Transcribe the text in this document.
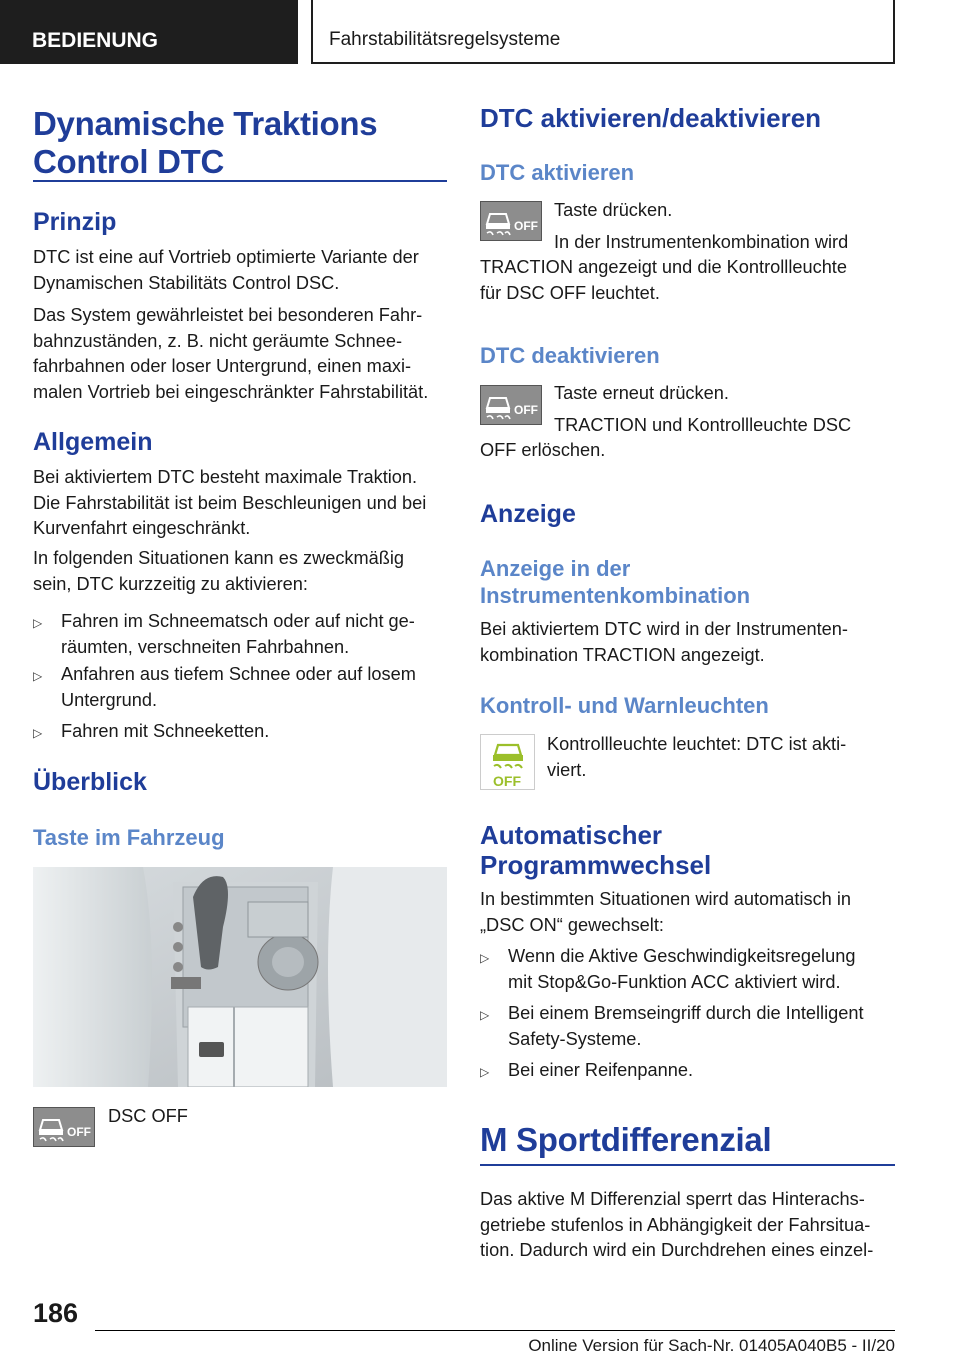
BEDIENUNG	Fahrstabilitätsregelsysteme
Dynamische Traktions
Control DTC
Prinzip
DTC ist eine auf Vortrieb optimierte Variante der
Dynamischen Stabilitäts Control DSC.
Das System gewährleistet bei besonderen Fahr-
bahnzuständen, z. B. nicht geräumte Schnee-
fahrbahnen oder loser Untergrund, einen maxi-
malen Vortrieb bei eingeschränkter Fahrstabilität.
Allgemein
Bei aktiviertem DTC besteht maximale Traktion.
Die Fahrstabilität ist beim Beschleunigen und bei
Kurvenfahrt eingeschränkt.
In folgenden Situationen kann es zweckmäßig
sein, DTC kurzzeitig zu aktivieren:
▷ Fahren im Schneematsch oder auf nicht ge-
räumten, verschneiten Fahrbahnen.
▷ Anfahren aus tiefem Schnee oder auf losem
Untergrund.
▷ Fahren mit Schneeketten.
Überblick
Taste im Fahrzeug
OFF
DSC OFF
DTC aktivieren/deaktivieren
DTC aktivieren
OFF
Taste drücken.
In der Instrumentenkombination wird
TRACTION angezeigt und die Kontrollleuchte
für DSC OFF leuchtet.
DTC deaktivieren
OFF
Taste erneut drücken.
TRACTION und Kontrollleuchte DSC
OFF erlöschen.
Anzeige
Anzeige in der
Instrumentenkombination
Bei aktiviertem DTC wird in der Instrumenten-
kombination TRACTION angezeigt.
Kontroll- und Warnleuchten
OFF
Kontrollleuchte leuchtet: DTC ist akti-
viert.
Automatischer
Programmwechsel
In bestimmten Situationen wird automatisch in
„DSC ON“ gewechselt:
▷ Wenn die Aktive Geschwindigkeitsregelung
mit Stop&Go-Funktion ACC aktiviert wird.
▷ Bei einem Bremseingriff durch die Intelligent
Safety-Systeme.
▷ Bei einer Reifenpanne.
M Sportdifferenzial
Das aktive M Differenzial sperrt das Hinterachs-
getriebe stufenlos in Abhängigkeit der Fahrsitua-
tion. Dadurch wird ein Durchdrehen eines einzel-
186
Online Version für Sach-Nr. 01405A040B5 - II/20
